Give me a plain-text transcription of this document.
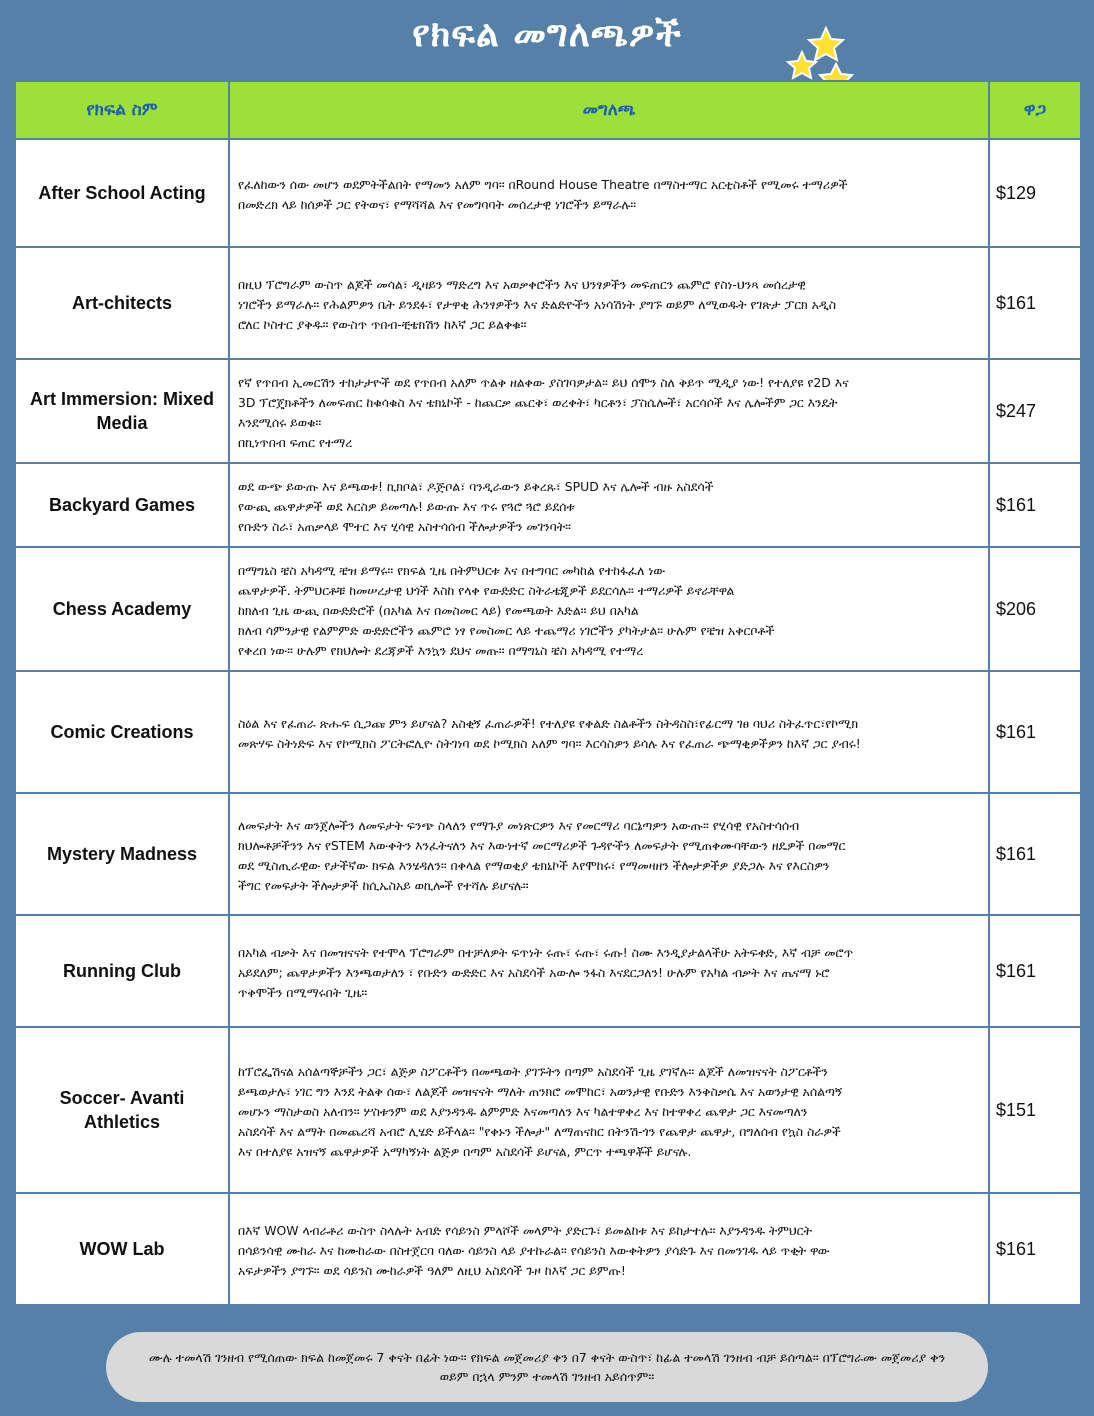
የክፍል መግለጫዎች
የክፍል ስም	መግለጫ	ዋጋ
After School Acting	የፈለከውን ሰው መሆን ወደምትችልበት የማመን አለም ግባ። በRound House Theatre በማስተማር አርቲስቶች የሚመሩ ተማሪዎች
በመድረክ ላይ ከሰዎች ጋር የትወና፣ የማሻሻል እና የመግባባት መሰረታዊ ነገሮችን ይማራሉ።	$129
Art-chitects	በዚህ ፕሮግራም ውስጥ ልጆች መሳል፣ ዲዛይን ማድረግ እና አወቃቀሮችን እና ህንፃዎችን መፍጠርን ጨምሮ የስነ-ህንጻ መሰረታዊ
ነገሮችን ይማራሉ። የሕልምዎን ቤት ይንደፉ፣ የታዋቂ ሕንፃዎችን እና ድልድዮችን አነሳሽነት ያግኙ ወይም ለሚወዱት የገጽታ ፓርክ አዲስ
ሮለር ኮስተር ያቅዱ። የውስጥ ጥበብ-ቺቴክሽን ከእኛ ጋር ይልቀቁ።	$161
Art Immersion: Mixed Media	የኛ የጥበብ ኢመርሽን ተከታታዮች ወደ የጥበብ አለም ጥልቅ ዘልቀው ያስገባዎታል። ይህ ሰሞን ስለ ቅይጥ ሚዲያ ነው! የተለያዩ የ2D እና
3D ፕሮጄክቶችን ለመፍጠር ከቁሳቁስ እና ቴክኒኮች - ከጨርቃ ጨርቅ፣ ወረቀት፣ ካርቶን፣ ፓስሴሎች፣ አርሳሶች እና ሌሎችም ጋር እንዴት
እንደሚሰሩ ይወቁ።
በኪነጥበብ ፍጠር የተማረ	$247
Backyard Games	ወደ ውጭ ይውጡ እና ይጫወቱ! ኪክቦል፣ ዶጅቦል፣ ባንዲራውን ይቅረጹ፣ SPUD እና ሌሎች ብዙ አስደሳች
የውጪ ጨዋታዎች ወደ እርስዎ ይመጣሉ! ይውጡ እና ጥሩ የጓሮ ጓሮ ይደሰቱ
የቡድን ስራ፣ አጠቃላይ ሞተር እና ሂሳዊ አስተሳሰብ ችሎታዎችን መገንባት።	$161
Chess Academy	በማግኒስ ቼስ አካዳሚ ቼዝ ይማሩ። የክፍል ጊዜ በትምህርቱ እና በተግባር መካከል የተከፋፈለ ነው
ጨዋታዎች. ትምህርቶቹ ከመሠረታዊ ህጎች እስከ የላቀ የውድድር ስትራቴጂዎች ይደርሳሉ። ተማሪዎች ይኖራቸዋል
ከክለብ ጊዜ ውጪ በውድድሮች (በአካል እና በመስመር ላይ) የመጫወት እድል። ይህ በአካል
ክለብ ሳምንታዊ የልምምድ ውድድሮችን ጨምሮ ነፃ የመስመር ላይ ተጨማሪ ነገሮችን ያካትታል። ሁሉም የቼዝ አቅርቦቶች
የቀረበ ነው። ሁሉም የክህሎት ደረጃዎች እንኳን ደህና መጡ። በማግኒስ ቼስ አካዳሚ የተማረ	$206
Comic Creations	ስዕል እና የፈጠራ ጽሑፍ ሲጋጩ ምን ይሆናል? አስቂኝ ፈጠራዎች! የተለያዩ የቀልድ ስልቶችን ስትዳስስ፣የፊርማ ገፀ ባህሪ ስትፈጥር፣የኮሚክ
መጽሃፍ ስትነድፍ እና የኮሚክስ ፖርትፎሊዮ ስትገነባ ወደ ኮሚክስ አለም ግባ። እርሳስዎን ይሳሉ እና የፈጠራ ጭማቂዎችዎን ከእኛ ጋር ያብሩ!	$161
Mystery Madness	ለመፍታት እና ወንጀሎችን ለመፍታት ፍንጭ ስላለን የማጉያ መነጽርዎን እና የመርማሪ ባርኔጣዎን አውጡ። የሂሳዊ የአስተሳሰብ
ክህሎቶቻችንን እና የSTEM እውቀትን እንፈትናለን እና እውነተኛ መርማሪዎች ጉዳዮችን ለመፍታት የሚጠቀሙባቸውን ዘዴዎች በመማር
ወደ ሚስጢራዊው የታችኛው ክፍል እንሄዳለን። በቀላል የማወቂያ ቴክኒኮች እየሞከሩ፣ የማመዛዘን ችሎታዎችዎ ያድጋሉ እና የእርስዎን
ችግር የመፍታት ችሎታዎች ከሲኤስአይ ወኪሎች የተሻሉ ይሆናሉ።	$161
Running Club	በአካል ብቃት እና በመዝናናት የተሞላ ፕሮግራም በተቻለዎት ፍጥነት ሩጡ፣ ሩጡ፣ ሩጡ! ስሙ እንዲያታልላችሁ አትፍቀድ, እኛ ብቻ መሮጥ
አይደለም; ጨዋታዎችን እንጫወታለን ፣ የቡድን ውድድር እና አስደሳች አውሎ ንፋስ እናደርጋለን! ሁሉም የአካል ብቃት እና ጤናማ ኑሮ
ጥቅሞችን በሚማሩበት ጊዜ።	$161
Soccer- Avanti Athletics	ከፕሮፌሽናል አሰልጣኞቻችን ጋር፣ ልጅዎ ስፖርቶችን በመጫወት ያገኙትን በጣም አስደሳች ጊዜ ያገኛሉ። ልጆች ለመዝናናት ስፖርቶችን
ይጫወታሉ፣ ነገር ግን እንደ ትልቅ ሰው፣ ለልጆች መዝናናት ማለት ጠንክሮ መሞከር፣ አወንታዊ የቡድን እንቅስቃሴ እና አወንታዊ አሰልጣኝ
መሆኑን ማስታወስ አለብን። ሦስቱንም ወደ እያንዳንዱ ልምምድ እናመጣለን እና ካልተዋቀረ እና ከተዋቀረ ጨዋታ ጋር እናመጣለን
አስደሳች እና ልማት በመጨረሻ አብሮ ሊሄድ ይችላል። "የቀኑን ችሎታ" ለማጠናከር በትንሽ-ጎን የጨዋታ ጨዋታ, በግለሰብ የኳስ ስራዎች
እና በተለያዩ አዝናኝ ጨዋታዎች አማካኝነት ልጅዎ በጣም አስደሳች ይሆናል, ምርጥ ተጫዋቾች ይሆናሉ.	$151
WOW Lab	በእኛ WOW ላብራቶሪ ውስጥ ስላሉት አብድ የሳይንስ ምላሾች መላምት ያድርጉ፣ ይመልከቱ እና ይከታተሉ። እያንዳንዱ ትምህርት
በሳይንሳዊ ሙከራ እና ከሙከራው በስተጀርባ ባለው ሳይንስ ላይ ያተኩራል። የሳይንስ እውቀትዎን ያሳድጉ እና በመንገዱ ላይ ጥቂት ዋው
አፍታዎችን ያግኙ። ወደ ሳይንስ ሙከራዎች ዓለም ለዚህ አስደሳች ጉዞ ከእኛ ጋር ይምጡ!	$161
ሙሉ ተመላሽ ገንዘብ የሚሰጠው ክፍል ከመጀመሩ 7 ቀናት በፊት ነው። የክፍል መጀመሪያ ቀን በ7 ቀናት ውስጥ፣ ከፊል ተመላሽ ገንዘብ ብቻ ይሰጣል። በፕሮግራሙ መጀመሪያ ቀን ወይም በኋላ ምንም ተመላሽ ገንዘብ አይሰጥም።
